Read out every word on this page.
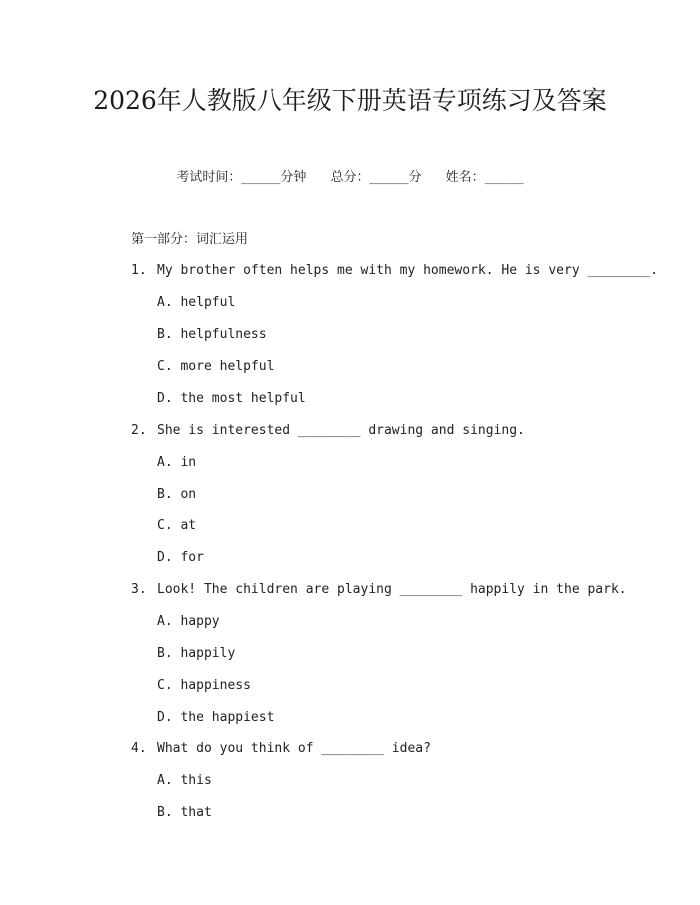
2026年人教版八年级下册英语专项练习及答案
考试时间：______分钟 总分：______分 姓名：______
第一部分：词汇运用
1. My brother often helps me with my homework. He is very ________.
A. helpful
B. helpfulness
C. more helpful
D. the most helpful
2. She is interested ________ drawing and singing.
A. in
B. on
C. at
D. for
3. Look! The children are playing ________ happily in the park.
A. happy
B. happily
C. happiness
D. the happiest
4. What do you think of ________ idea?
A. this
B. that
